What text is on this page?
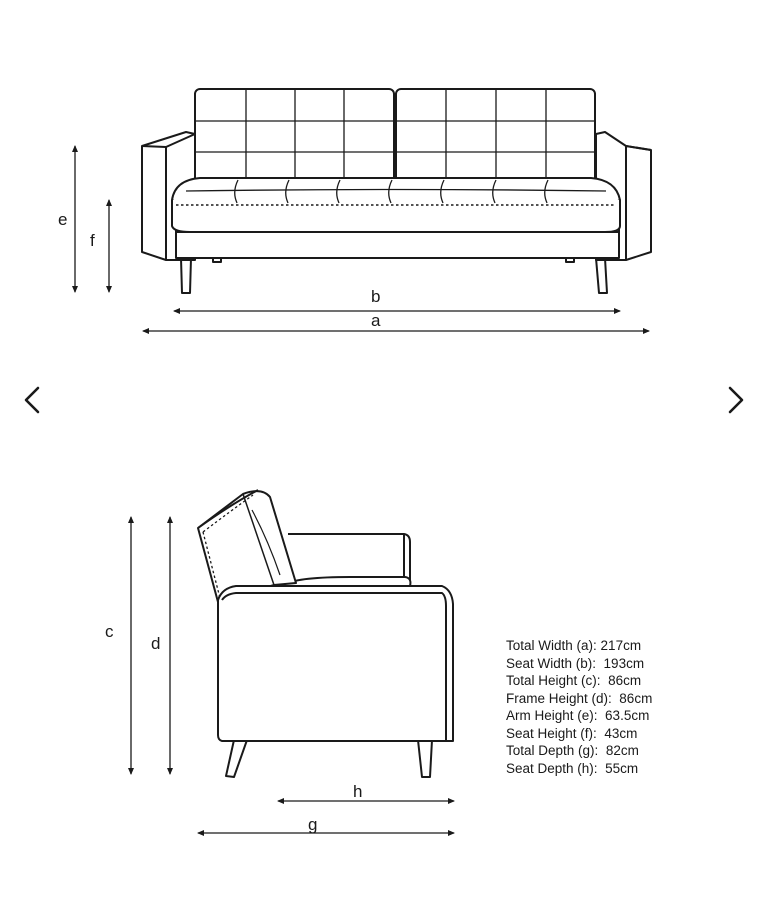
e
f
b
a
c
d
h
g
Total Width (a): 217cm
Seat Width (b): 193cm
Total Height (c): 86cm
Frame Height (d): 86cm
Arm Height (e): 63.5cm
Seat Height (f): 43cm
Total Depth (g): 82cm
Seat Depth (h): 55cm
